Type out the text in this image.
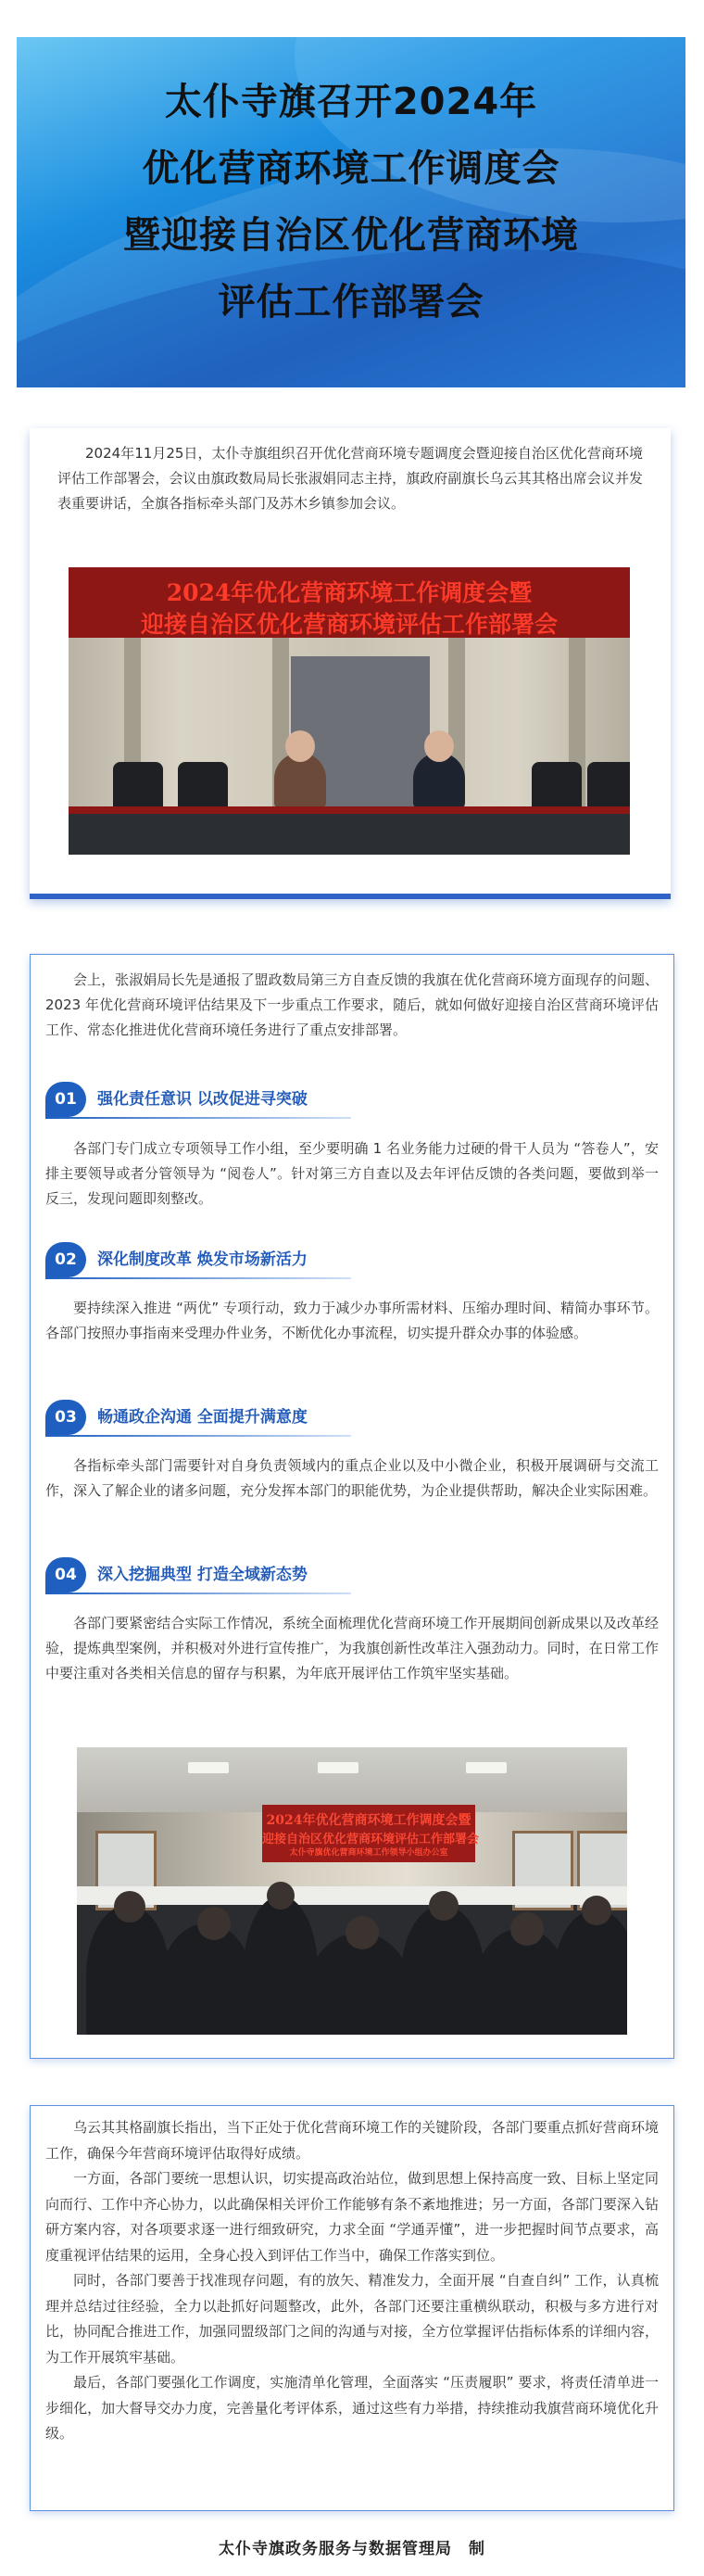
太仆寺旗召开2024年
优化营商环境工作调度会
暨迎接自治区优化营商环境
评估工作部署会

2024年11月25日，太仆寺旗组织召开优化营商环境专题调度会暨迎接自治区优化营商环境评估工作部署会，会议由旗政数局局长张淑娟同志主持，旗政府副旗长乌云其其格出席会议并发表重要讲话，全旗各指标牵头部门及苏木乡镇参加会议。

2024年优化营商环境工作调度会暨
迎接自治区优化营商环境评估工作部署会

会上，张淑娟局长先是通报了盟政数局第三方自查反馈的我旗在优化营商环境方面现存的问题、2023 年优化营商环境评估结果及下一步重点工作要求，随后，就如何做好迎接自治区营商环境评估工作、常态化推进优化营商环境任务进行了重点安排部署。

01	强化责任意识 以改促进寻突破

各部门专门成立专项领导工作小组，至少要明确 1 名业务能力过硬的骨干人员为 “答卷人”，安排主要领导或者分管领导为 “阅卷人”。针对第三方自查以及去年评估反馈的各类问题，要做到举一反三，发现问题即刻整改。

02	深化制度改革 焕发市场新活力

要持续深入推进 “两优” 专项行动，致力于减少办事所需材料、压缩办理时间、精简办事环节。各部门按照办事指南来受理办件业务，不断优化办事流程，切实提升群众办事的体验感。

03	畅通政企沟通 全面提升满意度

各指标牵头部门需要针对自身负责领域内的重点企业以及中小微企业，积极开展调研与交流工作，深入了解企业的诸多问题，充分发挥本部门的职能优势，为企业提供帮助，解决企业实际困难。

04	深入挖掘典型 打造全域新态势

各部门要紧密结合实际工作情况，系统全面梳理优化营商环境工作开展期间创新成果以及改革经验，提炼典型案例，并积极对外进行宣传推广，为我旗创新性改革注入强劲动力。同时，在日常工作中要注重对各类相关信息的留存与积累，为年底开展评估工作筑牢坚实基础。

2024年优化营商环境工作调度会暨
迎接自治区优化营商环境评估工作部署会
太仆寺旗优化营商环境工作领导小组办公室

乌云其其格副旗长指出，当下正处于优化营商环境工作的关键阶段，各部门要重点抓好营商环境工作，确保今年营商环境评估取得好成绩。

一方面，各部门要统一思想认识，切实提高政治站位，做到思想上保持高度一致、目标上坚定同向而行、工作中齐心协力，以此确保相关评价工作能够有条不紊地推进；另一方面，各部门要深入钻研方案内容，对各项要求逐一进行细致研究，力求全面 “学通弄懂”，进一步把握时间节点要求，高度重视评估结果的运用，全身心投入到评估工作当中，确保工作落实到位。

同时，各部门要善于找准现存问题，有的放矢、精准发力，全面开展 “自查自纠” 工作，认真梳理并总结过往经验，全力以赴抓好问题整改，此外，各部门还要注重横纵联动，积极与多方进行对比，协同配合推进工作，加强同盟级部门之间的沟通与对接，全方位掌握评估指标体系的详细内容，为工作开展筑牢基础。

最后，各部门要强化工作调度，实施清单化管理，全面落实 “压责履职” 要求，将责任清单进一步细化，加大督导交办力度，完善量化考评体系，通过这些有力举措，持续推动我旗营商环境优化升级。

太仆寺旗政务服务与数据管理局　制
